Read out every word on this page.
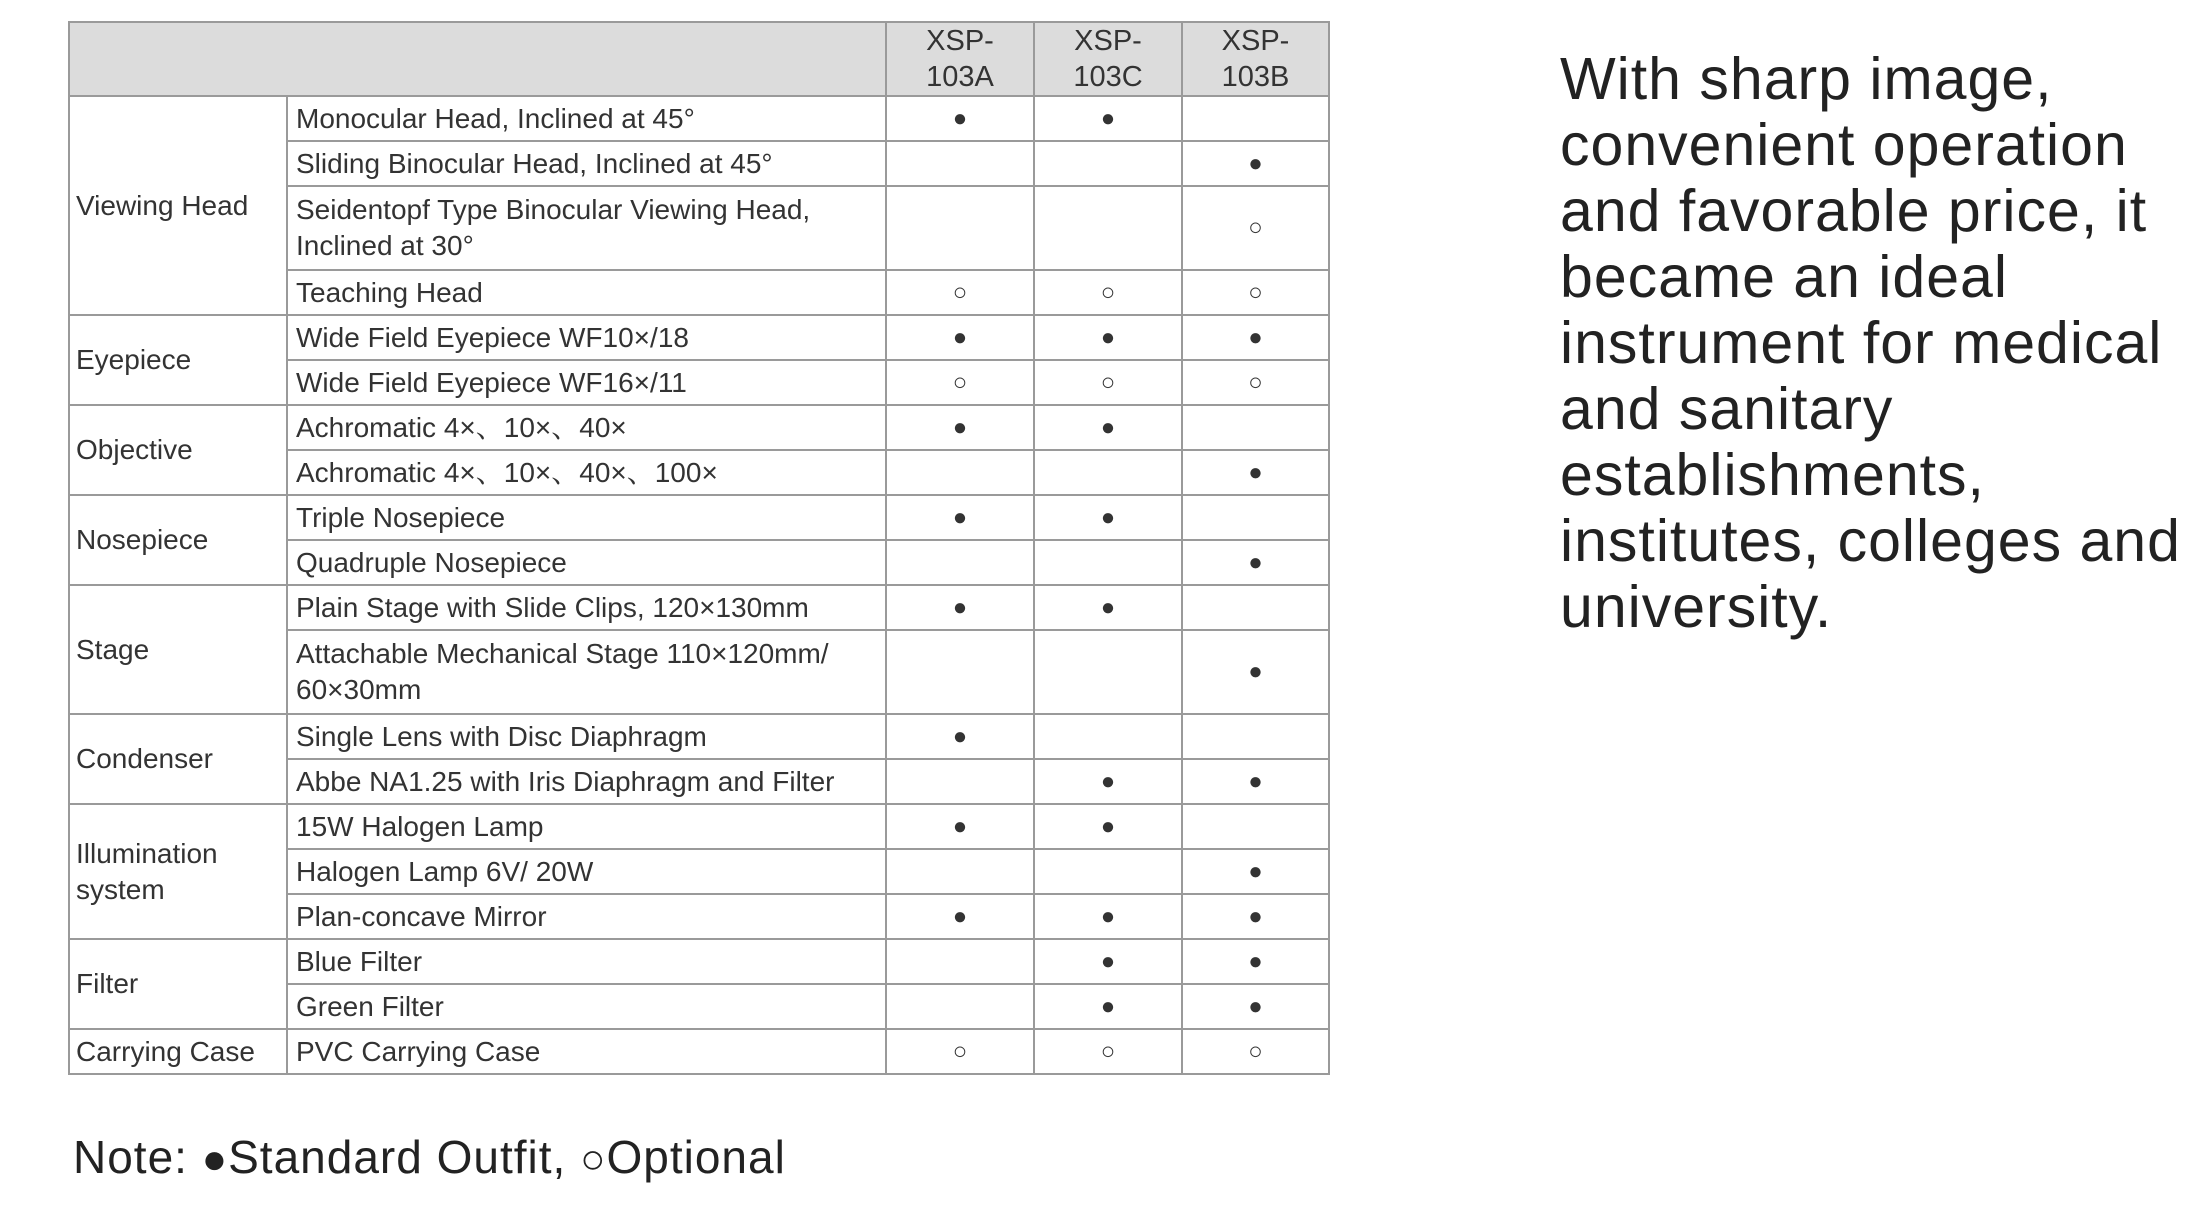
		XSP-103A	XSP-103C	XSP-103B
Viewing Head	Monocular Head, Inclined at 45°	●	●	
	Sliding Binocular Head, Inclined at 45°			●
	Seidentopf Type Binocular Viewing Head, Inclined at 30°			○
	Teaching Head	○	○	○
Eyepiece	Wide Field Eyepiece WF10×/18	●	●	●
	Wide Field Eyepiece WF16×/11	○	○	○
Objective	Achromatic 4×、10×、40×	●	●	
	Achromatic 4×、10×、40×、100×			●
Nosepiece	Triple Nosepiece	●	●	
	Quadruple Nosepiece			●
Stage	Plain Stage with Slide Clips, 120×130mm	●	●	
	Attachable Mechanical Stage 110×120mm/ 60×30mm			●
Condenser	Single Lens with Disc Diaphragm	●		
	Abbe NA1.25 with Iris Diaphragm and Filter		●	●
Illumination system	15W Halogen Lamp	●	●	
	Halogen Lamp 6V/ 20W			●
	Plan-concave Mirror	●	●	●
Filter	Blue Filter		●	●
	Green Filter		●	●
Carrying Case	PVC Carrying Case	○	○	○
Note: ●Standard Outfit, ○Optional
With sharp image, convenient operation and favorable price, it became an ideal instrument for medical and sanitary establishments, institutes, colleges and university.
